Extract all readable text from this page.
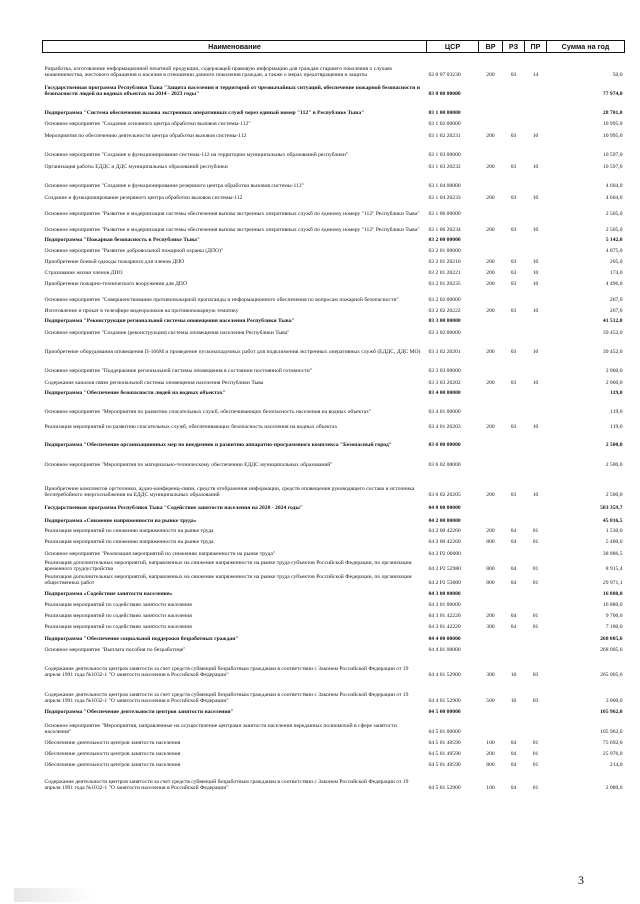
Наименование	ЦСР	ВР	РЗ	ПР	Сумма на год
Разработка, изготовление информационной печатной продукции, содержащей правовую информацию для граждан старшего поколения о случаях мошенничества, жестокого обращения и насилия в отношении данного поколения граждан, а также о мерах предотвращения и защиты	02 0 07 03230	200	03	14	50,0
Государственная программа Республики Тыва "Защита населения и территорий от чрезвычайных ситуаций, обеспечение пожарной безопасности и безопасности людей на водных объектах на 2014 - 2023 годы"	03 0 00 00000				77 974,0
Подпрограмма "Система обеспечения вызова экстренных оперативных служб через единый номер "112" в Республике Тыва"	03 1 00 00000				28 701,0
Основное мероприятие "Создание основного центра обработки вызовов системы-112"	03 1 02 00000				10 995,0
Мероприятия по обеспечению деятельности центра обработки вызовов системы-112	03 1 02 20231	200	03	10	10 995,0
Основное мероприятие "Создание и функционирование системы-112 на территории муниципальных образований республики"	03 1 03 00000				10 597,0
Организация работы ЕДДС и ДДС муниципальных образований республики	03 1 03 20232	200	03	10	10 597,0
Основное мероприятие "Создание и функционирование резервного центра обработки вызовов системы-112"	03 1 04 00000				4 604,0
Создание и функционирование резервного центра обработки вызовов системы-112	03 1 04 20233	200	03	10	4 604,0
Основное мероприятие "Развитие и модернизация системы обеспечения вызова экстренных оперативных служб по единому номеру "112" Республики Тыва"	03 1 06 00000				2 505,0
Основное мероприятие "Развитие и модернизация системы обеспечения вызова экстренных оперативных служб по единому номеру "112" Республики Тыва"	03 1 06 20234	200	03	10	2 505,0
Подпрограмма "Пожарная безопасность в Республике Тыва"	03 2 00 00000				5 142,0
Основное мероприятие "Развитие добровольной пожарной охраны (ДПО)"	03 2 01 00000				4 875,0
Приобретение боевой одежды пожарного для членов ДПО	03 2 01 20210	200	03	10	205,0
Страхование жизни членов ДПО	03 2 01 20221	200	03	10	174,0
Приобретение пожарно-технического вооружения для ДПО	03 2 01 20235	200	03	10	4 496,0
Основное мероприятие "Совершенствование противопожарной пропаганды и информационного обеспечения по вопросам пожарной безопасности"	03 2 02 00000				267,0
Изготовление и прокат в телеэфире видеороликов на противопожарную тематику	03 2 02 20222	200	03	10	267,0
Подпрограмма "Реконструкция региональной системы оповещения населения Республики Тыва"	03 3 00 00000				41 512,0
Основное мероприятие "Создание (реконструкция) системы оповещения населения Республики Тыва"	03 3 02 00000				39 452,0
Приобретение оборудования оповещения П-166М и проведение пусконаладочных работ для подключения экстренных оперативных служб (ЕДДС, ДДС МО)	03 3 02 20201	200	03	10	39 452,0
Основное мероприятие "Поддержание региональной системы оповещения в состоянии постоянной готовности"	03 3 03 00000				2 060,0
Содержание каналов связи региональной системы оповещения населения Республики Тыва	03 3 03 20202	200	03	10	2 060,0
Подпрограмма "Обеспечение безопасности людей на водных объектах"	03 4 00 00000				119,0
Основное мероприятие "Мероприятия по развитию спасательных служб, обеспечивающих безопасность населения на водных объектах"	03 4 01 00000				119,0
Реализация мероприятий по развитию спасательных служб, обеспечивающих безопасность населения на водных объектах	03 4 01 20203	200	03	10	119,0
Подпрограмма "Обеспечение организационных мер по внедрению и развитию аппаратно-программного комплекса "Безопасный город"	03 6 00 00000				2 500,0
Основное мероприятие "Мероприятия по материально-техническому обеспечению ЕДДС муниципальных образований"	03 6 02 00000				2 500,0
Приобретение комплектов оргтехники, аудио-конференц-связи, средств отображения информации, средств оповещения руководящего состава и источника бесперебойного энергоснабжения на ЕДДС муниципальных образований	03 6 02 20205	200	03	10	2 500,0
Государственная программа Республики Тыва "Содействие занятости населения на 2020 - 2024 годы"	04 0 00 00000				583 359,7
Подпрограмма «Снижение напряженности на рынке труда»	04 2 00 00000				45 816,5
Реализация мероприятий по снижению напряженности на рынке труда	04 2 00 42260	200	04	01	1 530,0
Реализация мероприятий по снижению напряженности на рынке труда	04 2 00 42260	800	04	01	5 400,0
Основное мероприятие "Реализация мероприятий по снижению напряженности на рынке труда"	04 2 P2 00000				38 886,5
Реализация дополнительных мероприятий, направленных на снижение напряженности на рынке труда субъектов Российской Федерации, по организации временного трудоустройства	04 2 P2 52980	800	04	01	8 915,4
Реализация дополнительных мероприятий, направленных на снижение напряженности на рынке труда субъектов Российской Федерации, по организации общественных работ	04 2 P2 53000	800	04	01	29 971,1
Подпрограмма «Содействие занятости населения»	04 3 00 00000				16 880,0
Реализация мероприятий по содействию занятости населения	04 3 01 00000				16 880,0
Реализация мероприятий по содействию занятости населения	04 3 01 42220	200	04	01	9 700,0
Реализация мероприятий по содействию занятости населения	04 3 01 42220	300	04	01	7 180,0
Подпрограмма "Обеспечение социальной поддержки безработных граждан"	04 4 00 00000				268 005,6
Основное мероприятие "Выплата пособия по безработице"	04 4 01 00000				268 005,6
Содержание деятельности центров занятости за счет средств субвенций безработным гражданам в соответствии с Законом Российской Федерации от 19 апреля 1991 года №1032-1 "О занятости населения в Российской Федерации"	04 4 01 52900	300	10	03	265 005,6
Содержание деятельности центров занятости за счет средств субвенций безработным гражданам в соответствии с Законом Российской Федерации от 19 апреля 1991 года №1032-1 "О занятости населения в Российской Федерации"	04 4 01 52900	500	10	03	3 000,0
Подпрограмма "Обеспечение деятельности центров занятости населения"	04 5 00 00000				105 962,0
Основное мероприятие "Мероприятия, направленные на осуществление центрами занятости населения переданных полномочий в сфере занятости населения"	04 5 01 00000				105 962,0
Обеспечение деятельности центров занятости населения	04 5 01 40590	100	04	01	75 692,0
Обеспечение деятельности центров занятости населения	04 5 01 40590	200	04	01	25 976,0
Обеспечение деятельности центров занятости населения	04 5 01 40590	800	04	01	214,0
Содержание деятельности центров занятости за счет средств субвенций безработным гражданам в соответствии с Законом Российской Федерации от 19 апреля 1991 года №1032-1 "О занятости населения в Российской Федерации"	04 5 01 52900	100	04	01	2 080,0
3
